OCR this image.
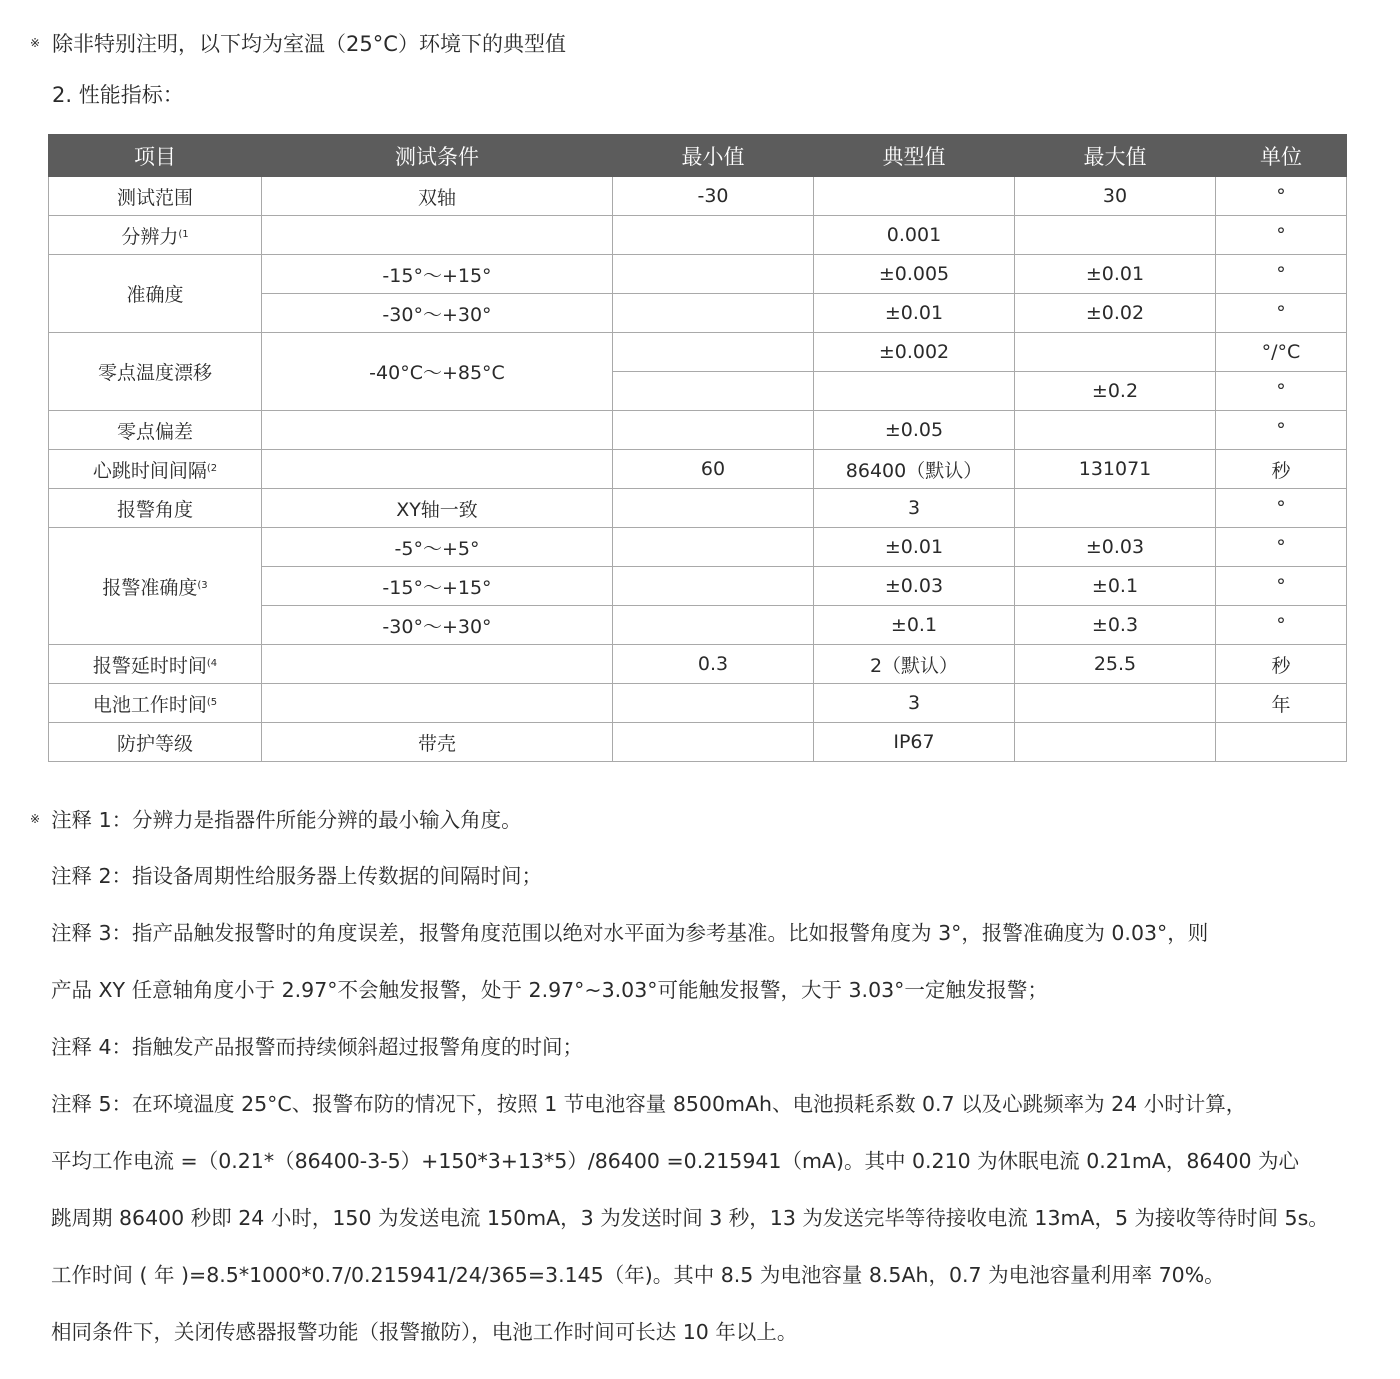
※ 除非特别注明，以下均为室温（25°C）环境下的典型值
2. 性能指标：
项目	测试条件	最小值	典型值	最大值	单位
测试范围	双轴	-30		30	°
分辨力$^{(1}$			0.001		°
准确度	-15°～+15°		±0.005	±0.01	°
	-30°～+30°		±0.01	±0.02	°
零点温度漂移	-40°C～+85°C		±0.002		°/°C
				±0.2	°
零点偏差			±0.05		°
心跳时间间隔$^{(2}$		60	86400（默认）	131071	秒
报警角度	XY轴一致		3		°
报警准确度$^{(3}$	-5°～+5°		±0.01	±0.03	°
	-15°～+15°		±0.03	±0.1	°
	-30°～+30°		±0.1	±0.3	°
报警延时时间$^{(4}$		0.3	2（默认）	25.5	秒
电池工作时间$^{(5}$			3		年
防护等级	带壳		IP67		
※ 注释 1：分辨力是指器件所能分辨的最小输入角度。
注释 2：指设备周期性给服务器上传数据的间隔时间；
注释 3：指产品触发报警时的角度误差，报警角度范围以绝对水平面为参考基准。比如报警角度为 3°，报警准确度为 0.03°，则
产品 XY 任意轴角度小于 2.97°不会触发报警，处于 2.97°~3.03°可能触发报警，大于 3.03°一定触发报警；
注释 4：指触发产品报警而持续倾斜超过报警角度的时间；
注释 5：在环境温度 25°C、报警布防的情况下，按照 1 节电池容量 8500mAh、电池损耗系数 0.7 以及心跳频率为 24 小时计算，
平均工作电流 =（0.21*（86400-3-5）+150*3+13*5）/86400 =0.215941（mA)。其中 0.210 为休眠电流 0.21mA，86400 为心
跳周期 86400 秒即 24 小时，150 为发送电流 150mA，3 为发送时间 3 秒，13 为发送完毕等待接收电流 13mA，5 为接收等待时间 5s。
工作时间 ( 年 )=8.5*1000*0.7/0.215941/24/365=3.145（年)。其中 8.5 为电池容量 8.5Ah，0.7 为电池容量利用率 70%。
相同条件下，关闭传感器报警功能（报警撤防），电池工作时间可长达 10 年以上。
